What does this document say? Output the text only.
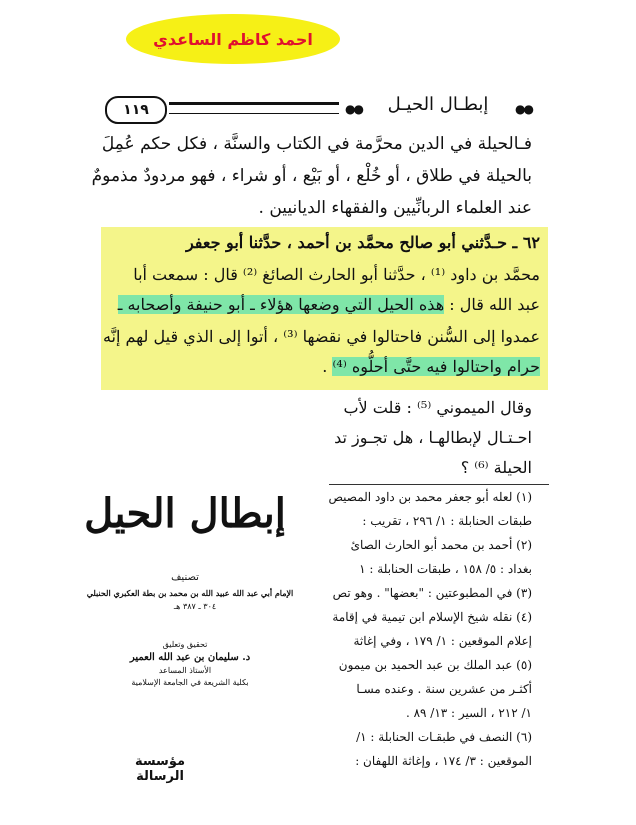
احمد كاظم الساعدي
١١٩	●●	إبطـال الحيـل	●●
فـالحيلة في الدين محرَّمة في الكتاب والسنَّة ، فكل حكم عُمِلَ
بالحيلة في طلاق ، أو خُلْع ، أو بَيْع ، أو شراء ، فهو مردودٌ مذمومٌ
عند العلماء الربانِّيين والفقهاء الديانيين .
٦٢ ـ حـدَّثني أبو صالح محمَّد بن أحمد ، حدَّثنا أبو جعفر
محمَّد بن داود ⁽¹⁾ ، حدَّثنا أبو الحارث الصائغ ⁽²⁾ قال : سمعت أبا
عبد الله قال : هذه الحيل التي وضعها هؤلاء ـ أبو حنيفة وأصحابه ـ
عمدوا إلى السُّنن فاحتالوا في نقضها ⁽³⁾ ، أتوا إلى الذي قيل لهم إنَّه
حرام واحتالوا فيه حتَّى أحلُّوه ⁽⁴⁾ .
وقال الميموني ⁽⁵⁾ : قلت لأب
احـتـال لإبطالهـا ، هل تجـوز تد
الحيلة ⁽⁶⁾ ؟
(١) لعله أبو جعفر محمد بن داود المصيص
طبقات الحنابلة : ١/ ٢٩٦ ، تقريب :
(٢) أحمد بن محمد أبو الحارث الصائ
بغداد : ٥/ ١٥٨ ، طبقات الحنابلة : ١
(٣) في المطبوعتين : "بعضها" . وهو تص
(٤) نقله شيخ الإسلام ابن تيمية في إقامة
إعلام الموقعين : ١/ ١٧٩ ، وفي إغاثة
(٥) عبد الملك بن عبد الحميد بن ميمون
أكثـر من عشرين سنة . وعنده مسـا
١/ ٢١٢ ، السير : ١٣/ ٨٩ .
(٦) النصف في طبقـات الحنابلة : ١/
الموقعين : ٣/ ١٧٤ ، وإغاثة اللهفان :
إبطال الحيل
تصنيف
الإمام أبي عبد الله عبيد الله بن محمد بن بطة العكبري الحنبلي
٣٠٤ ـ ٣٨٧ هـ
تحقيق وتعليق
د. سليمان بن عبد الله العمير
الأستاذ المساعد
بكلية الشريعة في الجامعة الإسلامية
مؤسسة الرسالة
